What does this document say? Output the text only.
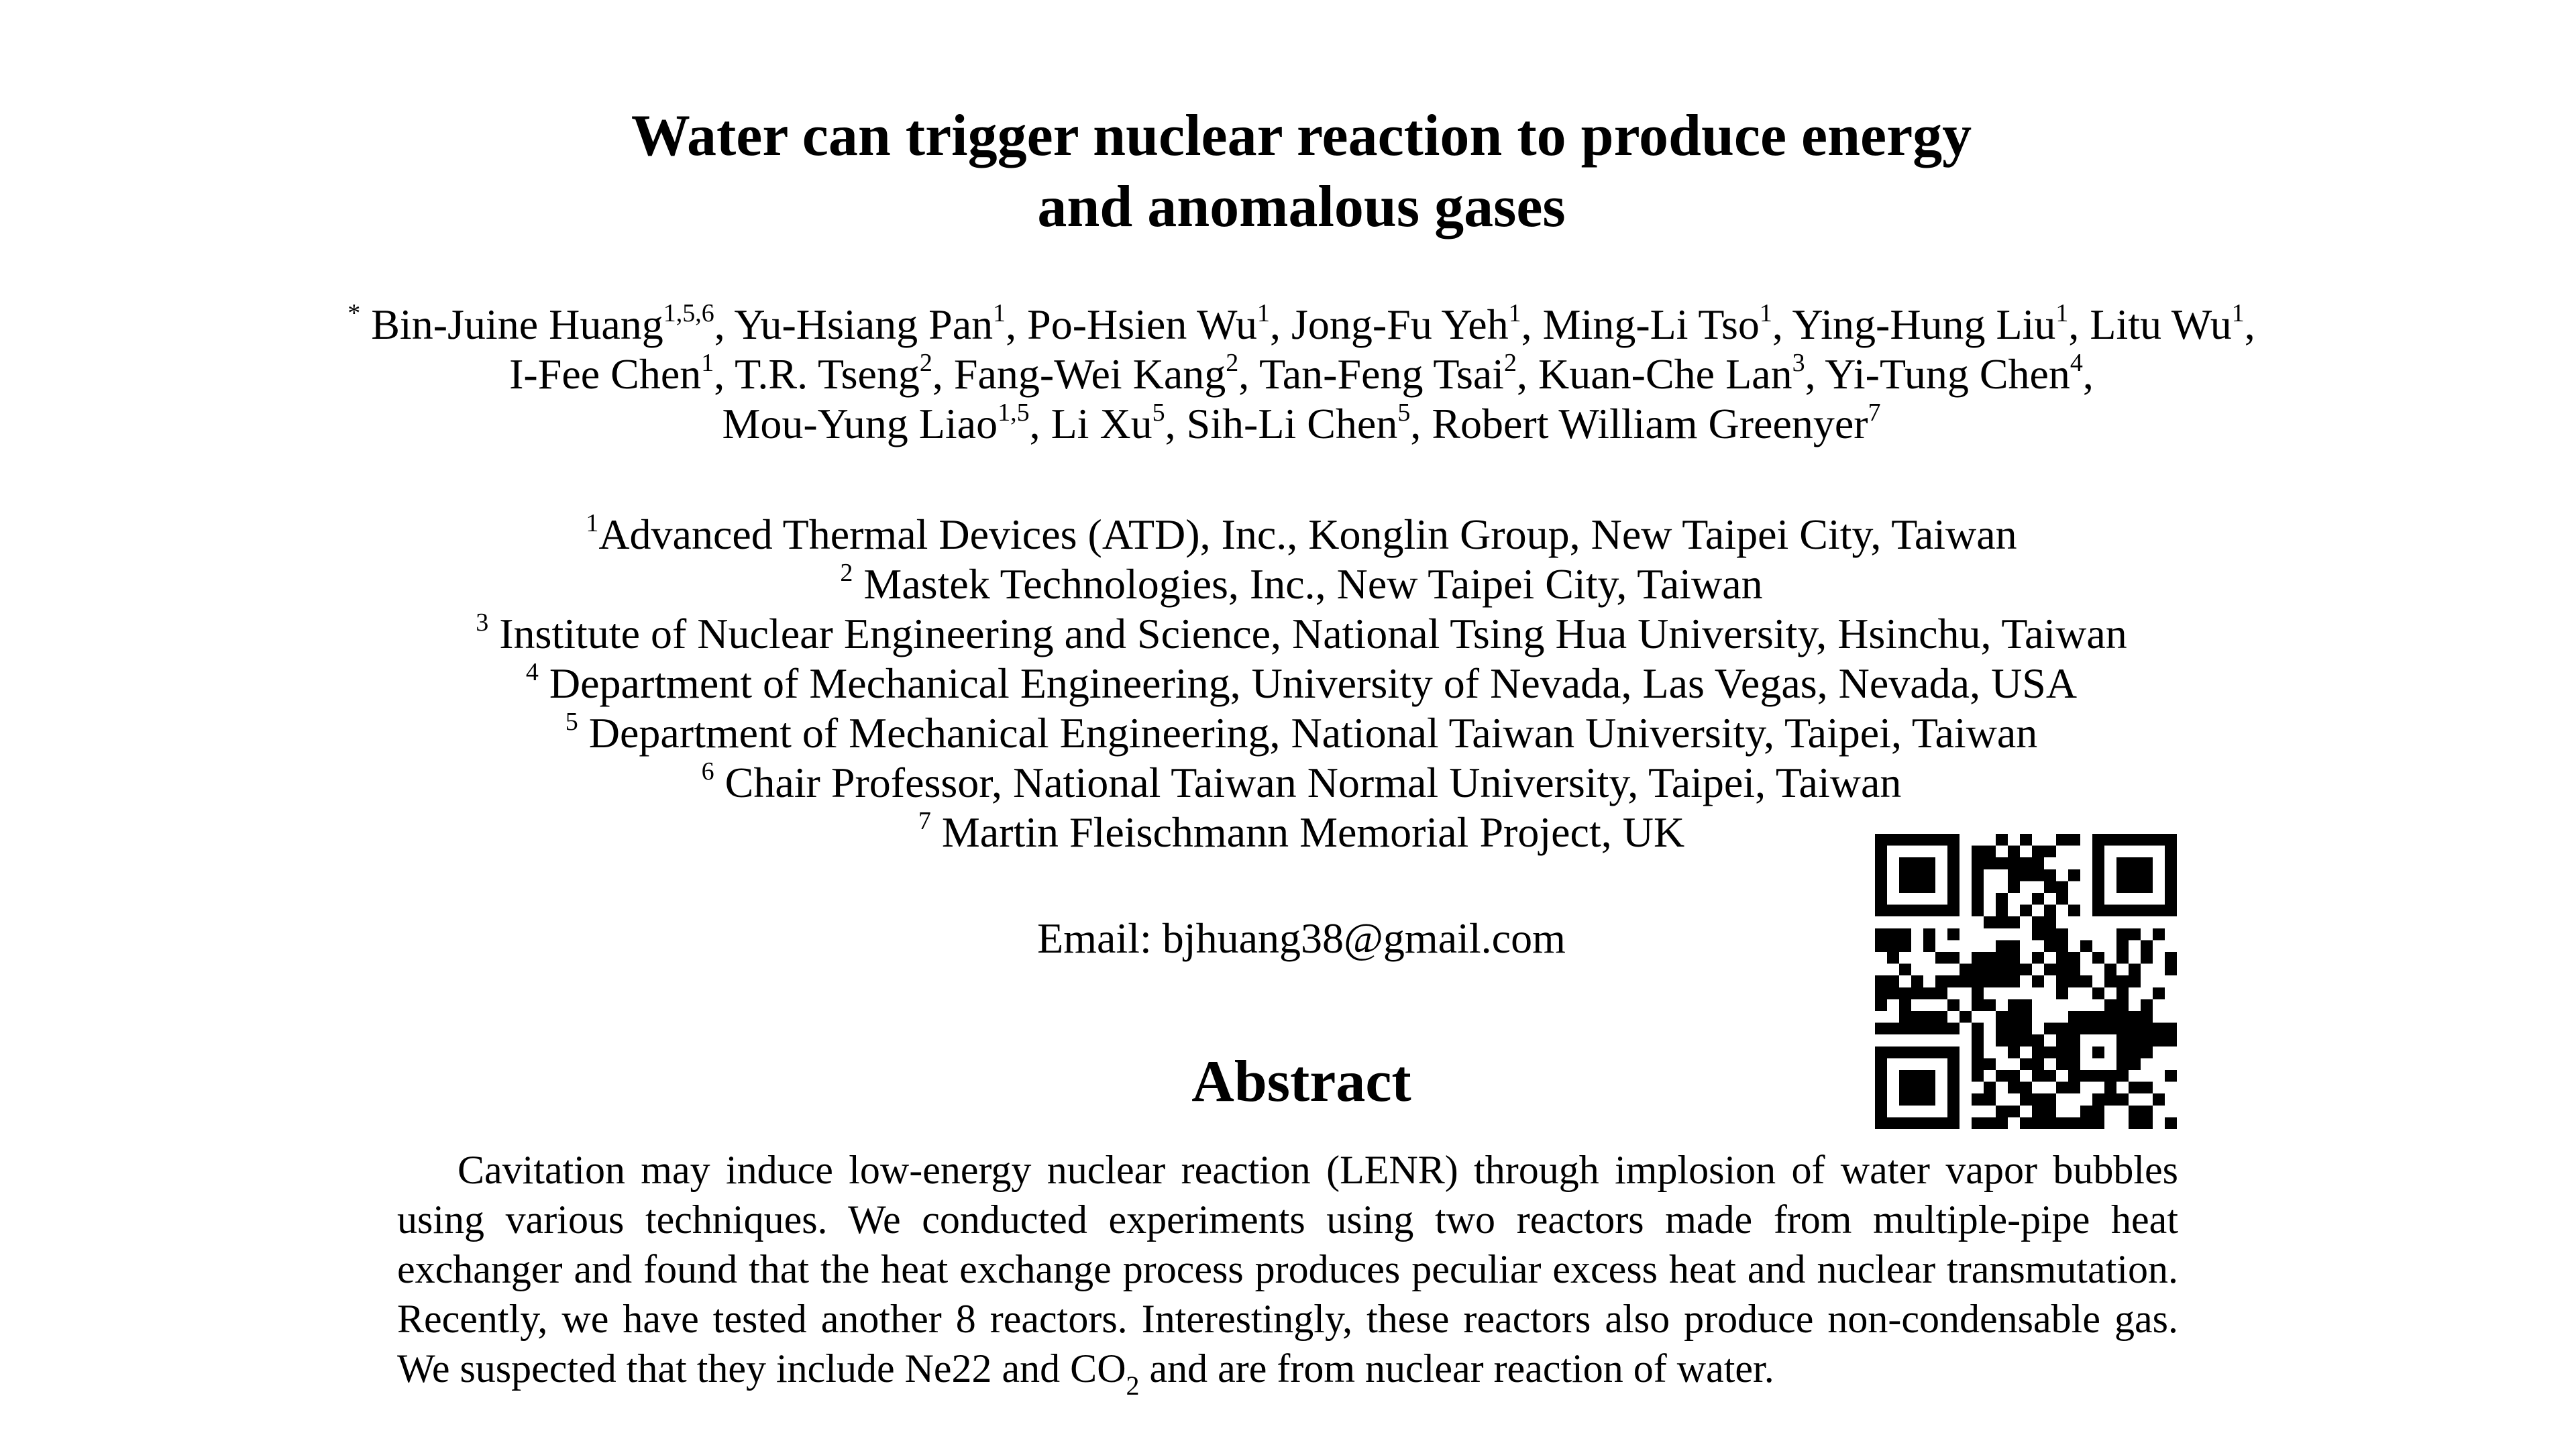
Water can trigger nuclear reaction to produce energy
and anomalous gases
* Bin-Juine Huang$^{1,5,6}$, Yu-Hsiang Pan$^1$, Po-Hsien Wu$^1$, Jong-Fu Yeh$^1$, Ming-Li Tso$^1$, Ying-Hung Liu$^1$, Litu Wu$^1$,
I-Fee Chen$^1$, T.R. Tseng$^2$, Fang-Wei Kang$^2$, Tan-Feng Tsai$^2$, Kuan-Che Lan$^3$, Yi-Tung Chen$^4$,
Mou-Yung Liao$^{1,5}$, Li Xu$^5$, Sih-Li Chen$^5$, Robert William Greenyer$^7$
$^1$Advanced Thermal Devices (ATD), Inc., Konglin Group, New Taipei City, Taiwan
$^2$ Mastek Technologies, Inc., New Taipei City, Taiwan
$^3$ Institute of Nuclear Engineering and Science, National Tsing Hua University, Hsinchu, Taiwan
$^4$ Department of Mechanical Engineering, University of Nevada, Las Vegas, Nevada, USA
$^5$ Department of Mechanical Engineering, National Taiwan University, Taipei, Taiwan
$^6$ Chair Professor, National Taiwan Normal University, Taipei, Taiwan
$^7$ Martin Fleischmann Memorial Project, UK
Email: bjhuang38@gmail.com
Abstract
Cavitation may induce low-energy nuclear reaction (LENR) through implosion of water vapor bubbles using various techniques. We conducted experiments using two reactors made from multiple-pipe heat exchanger and found that the heat exchange process produces peculiar excess heat and nuclear transmutation. Recently, we have tested another 8 reactors. Interestingly, these reactors also produce non-condensable gas. We suspected that they include Ne22 and $CO_2$ and are from nuclear reaction of water.
